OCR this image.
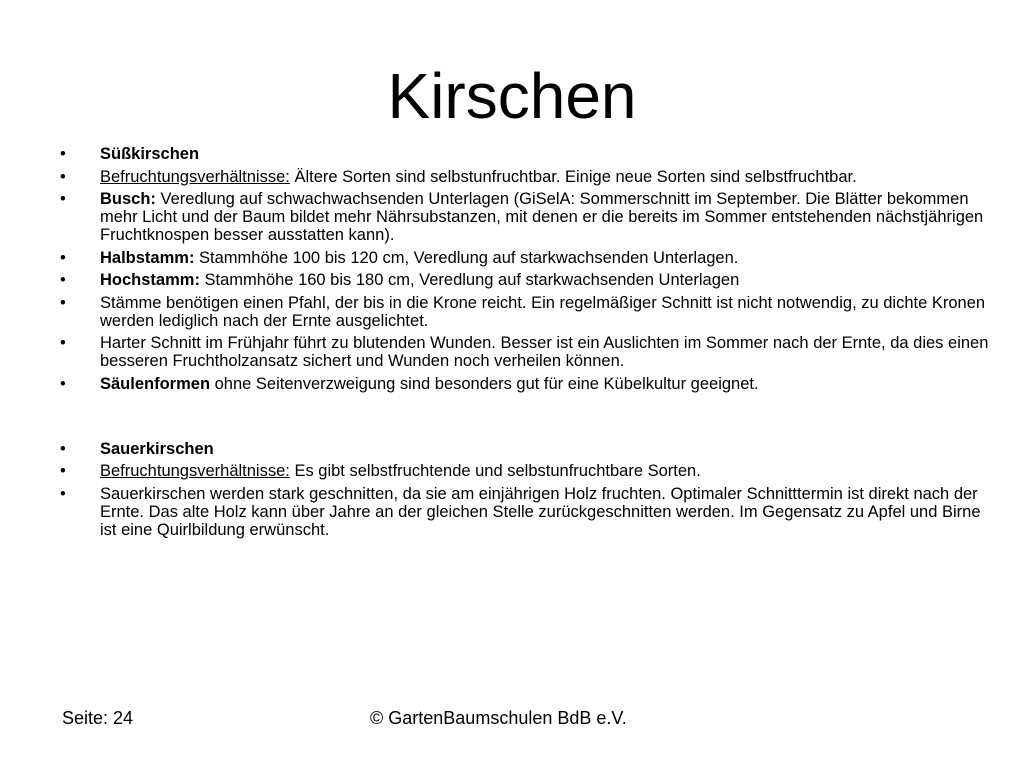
Kirschen
• Süßkirschen
• Befruchtungsverhältnisse: Ältere Sorten sind selbstunfruchtbar. Einige neue Sorten sind selbstfruchtbar.
• Busch: Veredlung auf schwachwachsenden Unterlagen (GiSelA: Sommerschnitt im September. Die Blätter bekommen mehr Licht und der Baum bildet mehr Nährsubstanzen, mit denen er die bereits im Sommer entstehenden nächstjährigen Fruchtknospen besser ausstatten kann).
• Halbstamm: Stammhöhe 100 bis 120 cm, Veredlung auf starkwachsenden Unterlagen.
• Hochstamm: Stammhöhe 160 bis 180 cm, Veredlung auf starkwachsenden Unterlagen
• Stämme benötigen einen Pfahl, der bis in die Krone reicht. Ein regelmäßiger Schnitt ist nicht notwendig, zu dichte Kronen werden lediglich nach der Ernte ausgelichtet.
• Harter Schnitt im Frühjahr führt zu blutenden Wunden. Besser ist ein Auslichten im Sommer nach der Ernte, da dies einen besseren Fruchtholzansatz sichert und Wunden noch verheilen können.
• Säulenformen ohne Seitenverzweigung sind besonders gut für eine Kübelkultur geeignet.
• Sauerkirschen
• Befruchtungsverhältnisse: Es gibt selbstfruchtende und selbstunfruchtbare Sorten.
• Sauerkirschen werden stark geschnitten, da sie am einjährigen Holz fruchten. Optimaler Schnitttermin ist direkt nach der Ernte. Das alte Holz kann über Jahre an der gleichen Stelle zurückgeschnitten werden. Im Gegensatz zu Apfel und Birne ist eine Quirlbildung erwünscht.
Seite: 24	© GartenBaumschulen BdB e.V.
